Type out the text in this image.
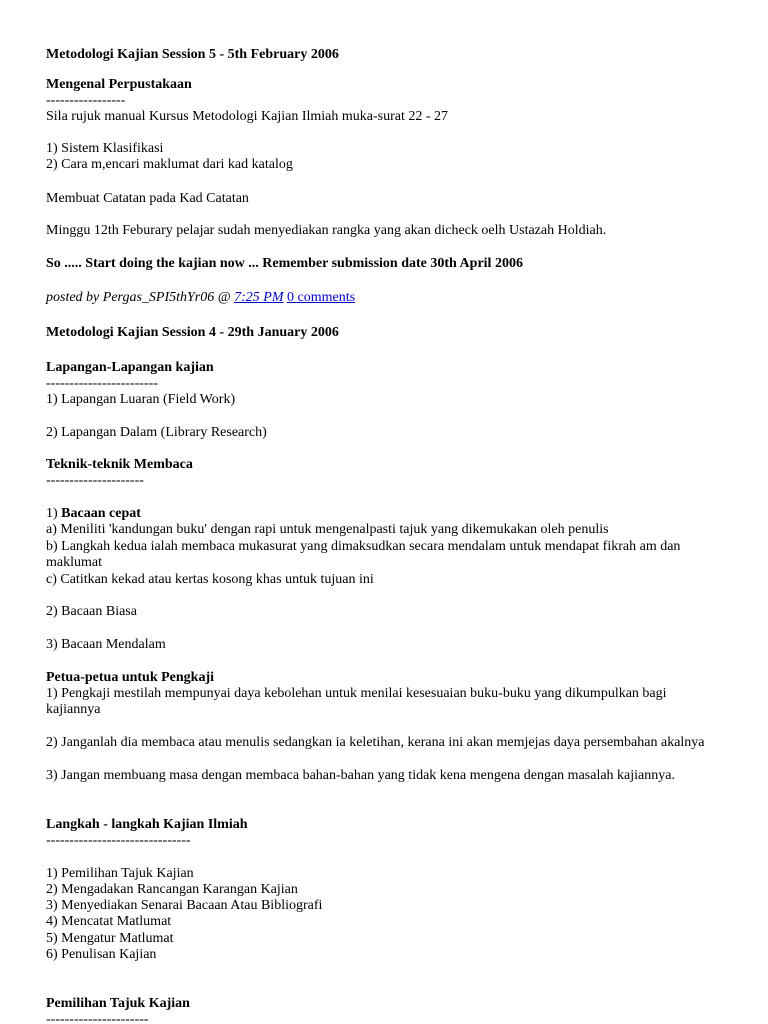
Metodologi Kajian Session 5 - 5th February 2006
Mengenal Perpustakaan
-----------------
Sila rujuk manual Kursus Metodologi Kajian Ilmiah muka-surat 22 - 27
1) Sistem Klasifikasi
2) Cara m,encari maklumat dari kad katalog
Membuat Catatan pada Kad Catatan
Minggu 12th Feburary pelajar sudah menyediakan rangka yang akan dicheck oelh Ustazah Holdiah.
So ..... Start doing the kajian now ... Remember submission date 30th April 2006
posted by Pergas_SPI5thYr06 @ 7:25 PM 0 comments
Metodologi Kajian Session 4 - 29th January 2006
Lapangan-Lapangan kajian
------------------------
1) Lapangan Luaran (Field Work)
2) Lapangan Dalam (Library Research)
Teknik-teknik Membaca
---------------------
1) Bacaan cepat
a) Meniliti 'kandungan buku' dengan rapi untuk mengenalpasti tajuk yang dikemukakan oleh penulis
b) Langkah kedua ialah membaca mukasurat yang dimaksudkan secara mendalam untuk mendapat fikrah am dan
maklumat
c) Catitkan kekad atau kertas kosong khas untuk tujuan ini
2) Bacaan Biasa
3) Bacaan Mendalam
Petua-petua untuk Pengkaji
1) Pengkaji mestilah mempunyai daya kebolehan untuk menilai kesesuaian buku-buku yang dikumpulkan bagi
kajiannya
2) Janganlah dia membaca atau menulis sedangkan ia keletihan, kerana ini akan memjejas daya persembahan akalnya
3) Jangan membuang masa dengan membaca bahan-bahan yang tidak kena mengena dengan masalah kajiannya.
Langkah - langkah Kajian Ilmiah
-------------------------------
1) Pemilihan Tajuk Kajian
2) Mengadakan Rancangan Karangan Kajian
3) Menyediakan Senarai Bacaan Atau Bibliografi
4) Mencatat Matlumat
5) Mengatur Matlumat
6) Penulisan Kajian
Pemilihan Tajuk Kajian
----------------------
